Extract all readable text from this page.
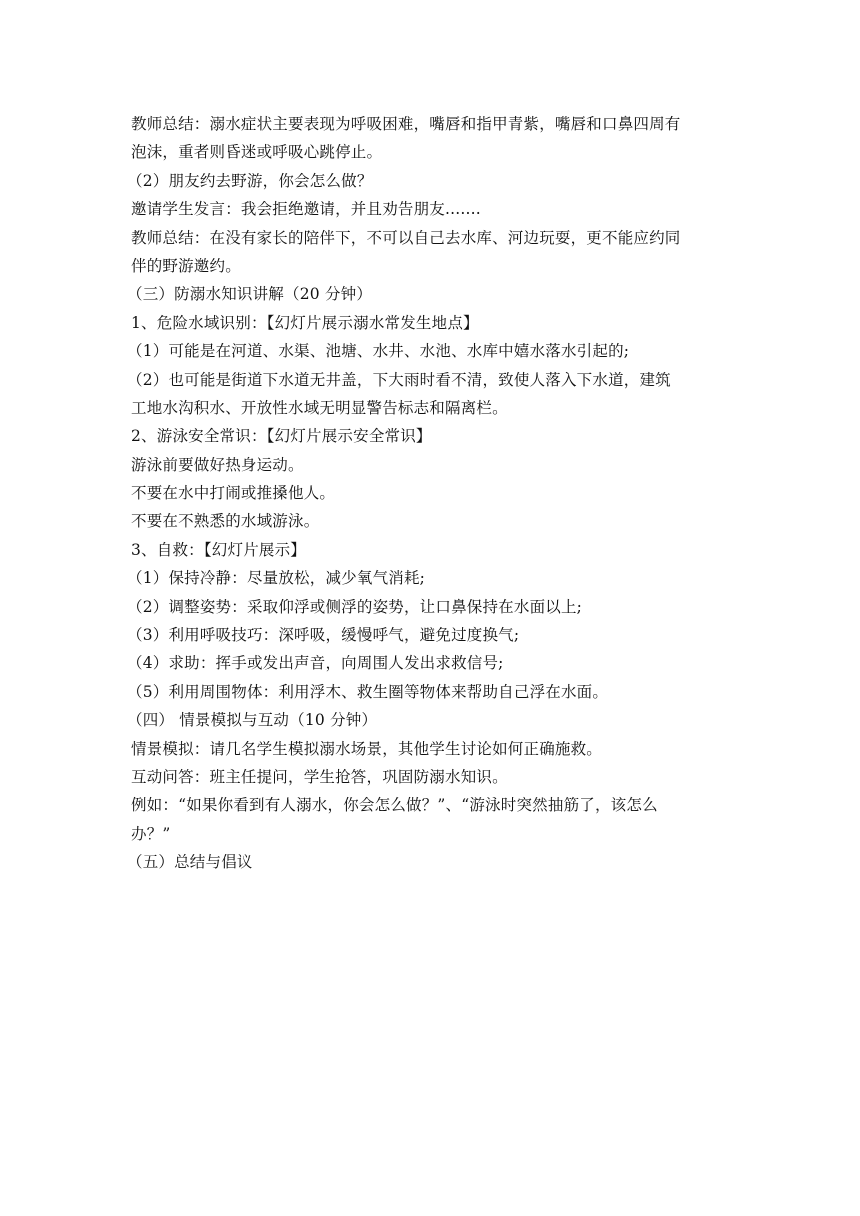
教师总结：溺水症状主要表现为呼吸困难，嘴唇和指甲青紫，嘴唇和口鼻四周有
泡沫，重者则昏迷或呼吸心跳停止。
（2）朋友约去野游，你会怎么做？
邀请学生发言：我会拒绝邀请，并且劝告朋友.......
教师总结：在没有家长的陪伴下，不可以自己去水库、河边玩耍，更不能应约同
伴的野游邀约。
（三）防溺水知识讲解（20 分钟）
1、危险水域识别：【幻灯片展示溺水常发生地点】
（1）可能是在河道、水渠、池塘、水井、水池、水库中嬉水落水引起的;
（2）也可能是街道下水道无井盖，下大雨时看不清，致使人落入下水道，建筑
工地水沟积水、开放性水域无明显警告标志和隔离栏。
2、游泳安全常识：【幻灯片展示安全常识】
游泳前要做好热身运动。
不要在水中打闹或推搡他人。
不要在不熟悉的水域游泳。
3、自救：【幻灯片展示】
（1）保持冷静：尽量放松，减少氧气消耗;
（2）调整姿势：采取仰浮或侧浮的姿势，让口鼻保持在水面以上;
（3）利用呼吸技巧：深呼吸，缓慢呼气，避免过度换气;
（4）求助：挥手或发出声音，向周围人发出求救信号;
（5）利用周围物体：利用浮木、救生圈等物体来帮助自己浮在水面。
（四） 情景模拟与互动（10 分钟）
情景模拟：请几名学生模拟溺水场景，其他学生讨论如何正确施救。
互动问答：班主任提问，学生抢答，巩固防溺水知识。
例如：“如果你看到有人溺水，你会怎么做？”、“游泳时突然抽筋了，该怎么
办？”
（五）总结与倡议
